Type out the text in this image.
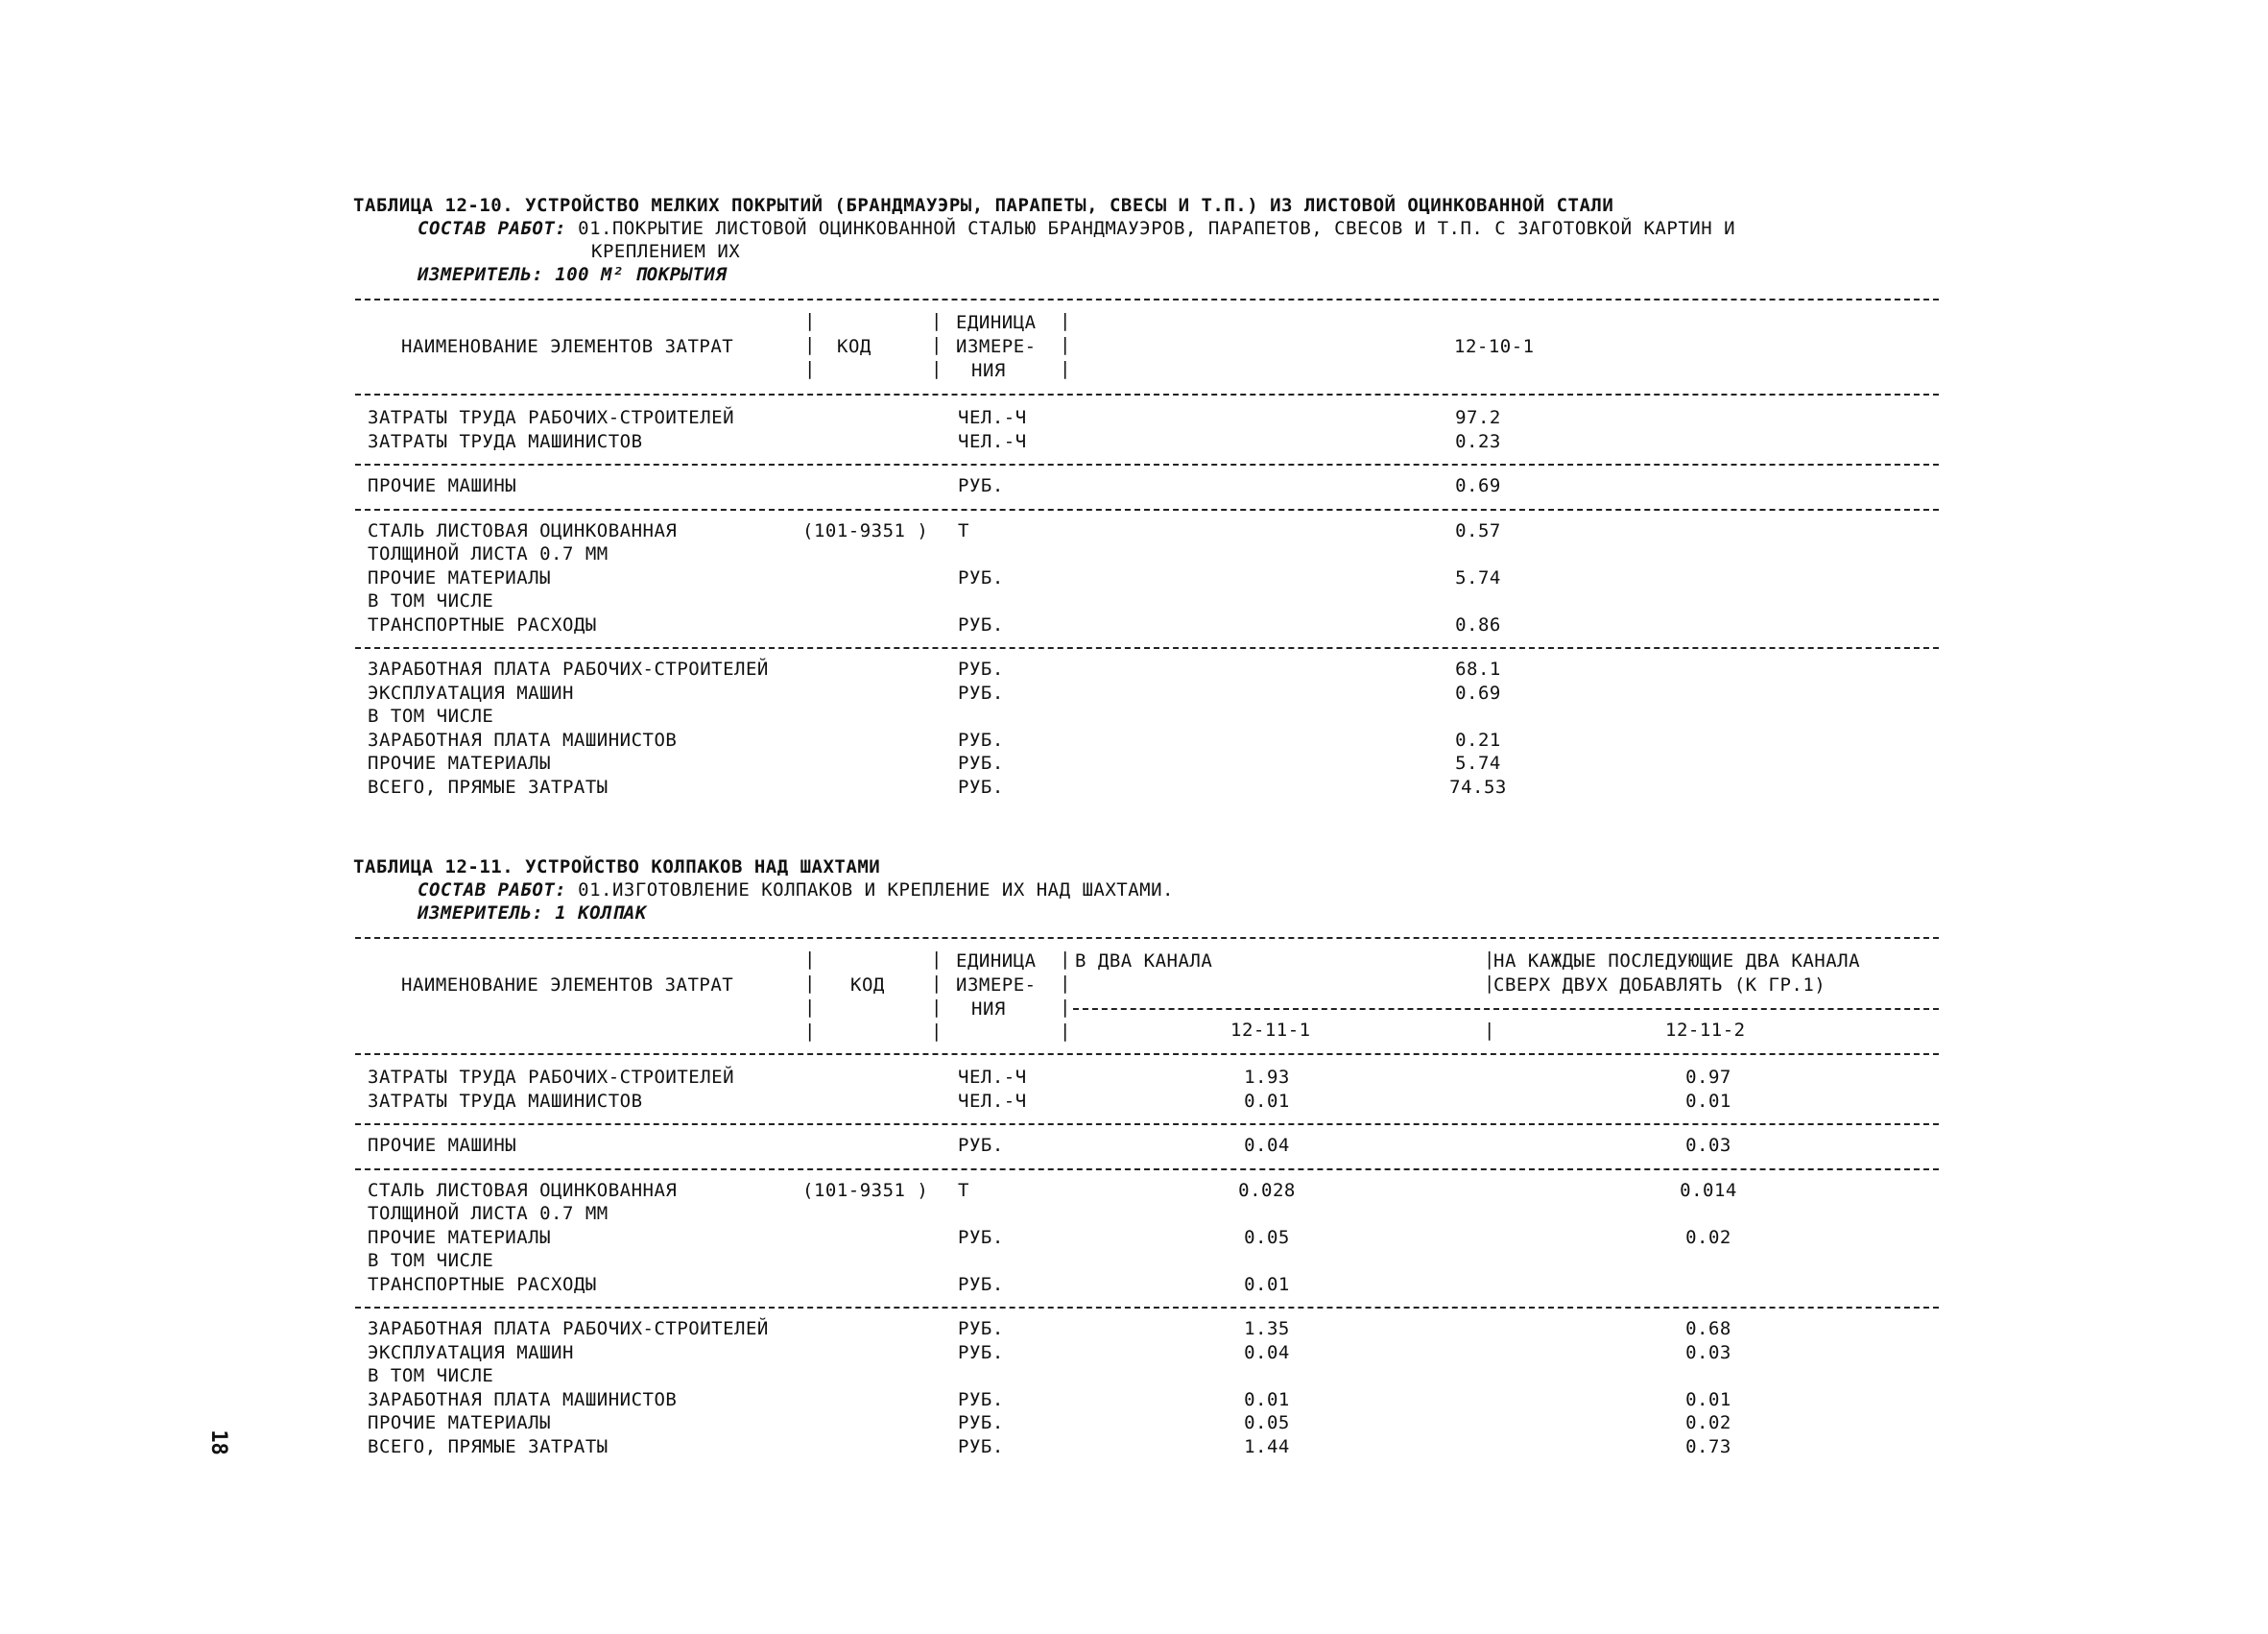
ТАБЛИЦА 12-10. УСТРОЙСТВО МЕЛКИХ ПОКРЫТИЙ (БРАНДМАУЭРЫ, ПАРАПЕТЫ, СВЕСЫ И Т.П.) ИЗ ЛИСТОВОЙ ОЦИНКОВАННОЙ СТАЛИ
СОСТАВ РАБОТ: 01.ПОКРЫТИЕ ЛИСТОВОЙ ОЦИНКОВАННОЙ СТАЛЬЮ БРАНДМАУЭРОВ, ПАРАПЕТОВ, СВЕСОВ И Т.П. С ЗАГОТОВКОЙ КАРТИН И
КРЕПЛЕНИЕМ ИХ
ИЗМЕРИТЕЛЬ: 100 М² ПОКРЫТИЯ
НАИМЕНОВАНИЕ ЭЛЕМЕНТОВ ЗАТРАТ	КОД
ЕДИНИЦА
ИЗМЕРЕ-
НИЯ
12-10-1
|
|
|
|
|
|
|
|
|
ЗАТРАТЫ ТРУДА РАБОЧИХ-СТРОИТЕЛЕЙ	ЧЕЛ.-Ч	97.2
ЗАТРАТЫ ТРУДА МАШИНИСТОВ	ЧЕЛ.-Ч	0.23
ПРОЧИЕ МАШИНЫ	РУБ.	0.69
СТАЛЬ ЛИСТОВАЯ ОЦИНКОВАННАЯ	(101-9351 ) Т	0.57
ТОЛЩИНОЙ ЛИСТА 0.7 ММ
ПРОЧИЕ МАТЕРИАЛЫ	РУБ.	5.74
В ТОМ ЧИСЛЕ
ТРАНСПОРТНЫЕ РАСХОДЫ	РУБ.	0.86
ЗАРАБОТНАЯ ПЛАТА РАБОЧИХ-СТРОИТЕЛЕЙ	РУБ.	68.1
ЭКСПЛУАТАЦИЯ МАШИН	РУБ.	0.69
В ТОМ ЧИСЛЕ
ЗАРАБОТНАЯ ПЛАТА МАШИНИСТОВ	РУБ.	0.21
ПРОЧИЕ МАТЕРИАЛЫ	РУБ.	5.74
ВСЕГО, ПРЯМЫЕ ЗАТРАТЫ	РУБ.	74.53
ТАБЛИЦА 12-11. УСТРОЙСТВО КОЛПАКОВ НАД ШАХТАМИ
СОСТАВ РАБОТ: 01.ИЗГОТОВЛЕНИЕ КОЛПАКОВ И КРЕПЛЕНИЕ ИХ НАД ШАХТАМИ.
ИЗМЕРИТЕЛЬ: 1 КОЛПАК
НАИМЕНОВАНИЕ ЭЛЕМЕНТОВ ЗАТРАТ	КОД
ЕДИНИЦА
ИЗМЕРЕ-
НИЯ
В ДВА КАНАЛА	НА КАЖДЫЕ ПОСЛЕДУЮЩИЕ ДВА КАНАЛА
СВЕРХ ДВУХ ДОБАВЛЯТЬ (К ГР.1)
|
|
|
|
|
|
|
|
|
|
|
|
|
|
|
12-11-1	12-11-2
ЗАТРАТЫ ТРУДА РАБОЧИХ-СТРОИТЕЛЕЙ	ЧЕЛ.-Ч	1.93	0.97
ЗАТРАТЫ ТРУДА МАШИНИСТОВ	ЧЕЛ.-Ч	0.01	0.01
ПРОЧИЕ МАШИНЫ	РУБ.	0.04	0.03
СТАЛЬ ЛИСТОВАЯ ОЦИНКОВАННАЯ	(101-9351 ) Т	0.028	0.014
ТОЛЩИНОЙ ЛИСТА 0.7 ММ
ПРОЧИЕ МАТЕРИАЛЫ	РУБ.	0.05	0.02
В ТОМ ЧИСЛЕ
ТРАНСПОРТНЫЕ РАСХОДЫ	РУБ.	0.01
ЗАРАБОТНАЯ ПЛАТА РАБОЧИХ-СТРОИТЕЛЕЙ	РУБ.	1.35	0.68
ЭКСПЛУАТАЦИЯ МАШИН	РУБ.	0.04	0.03
В ТОМ ЧИСЛЕ
ЗАРАБОТНАЯ ПЛАТА МАШИНИСТОВ	РУБ.	0.01	0.01
ПРОЧИЕ МАТЕРИАЛЫ	РУБ.	0.05	0.02
ВСЕГО, ПРЯМЫЕ ЗАТРАТЫ	РУБ.	1.44	0.73
18
